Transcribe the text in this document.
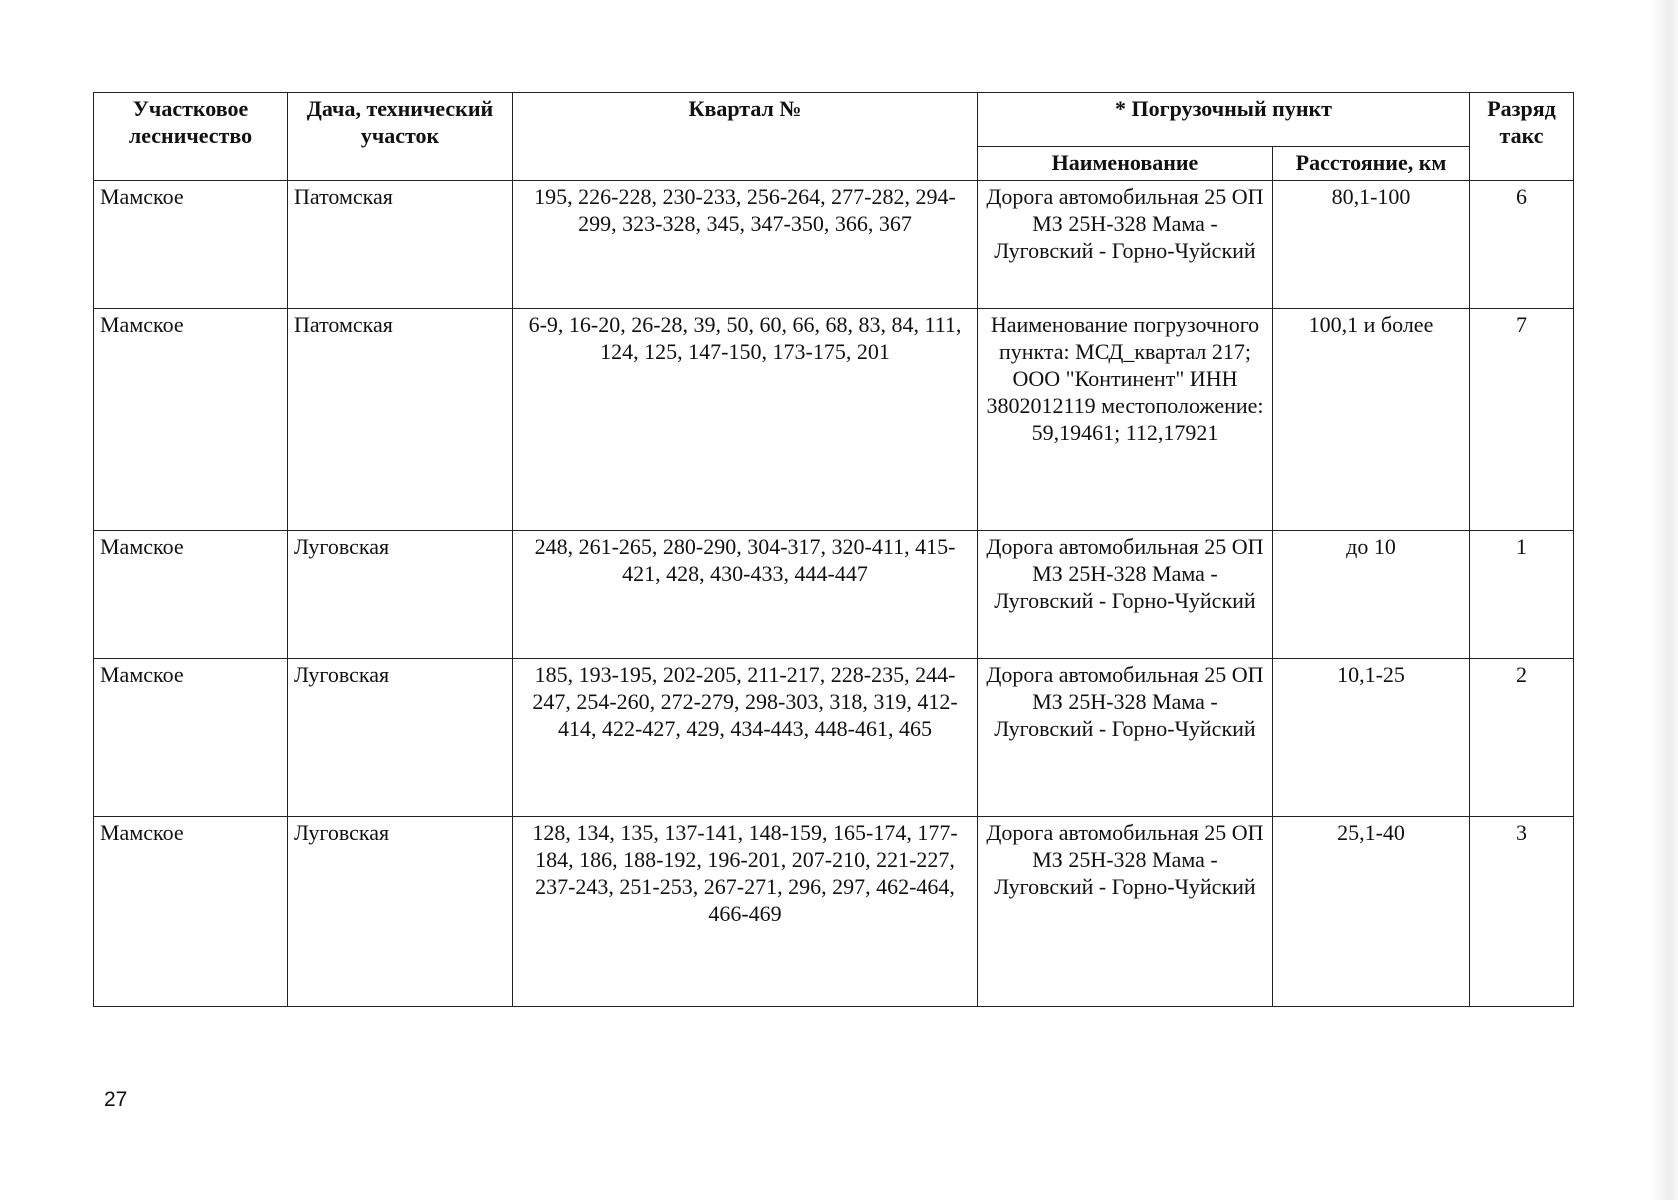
Участковое лесничество	Дача, технический участок	Квартал №	* Погрузочный пункт		Разряд такс
			Наименование	Расстояние, км	
Мамское	Патомская	195, 226-228, 230-233, 256-264, 277-282, 294-299, 323-328, 345, 347-350, 366, 367	Дорога автомобильная 25 ОП МЗ 25Н-328 Мама - Луговский - Горно-Чуйский	80,1-100	6
Мамское	Патомская	6-9, 16-20, 26-28, 39, 50, 60, 66, 68, 83, 84, 111, 124, 125, 147-150, 173-175, 201	Наименование погрузочного пункта: МСД_квартал 217; ООО "Континент" ИНН 3802012119 местоположение: 59,19461; 112,17921	100,1 и более	7
Мамское	Луговская	248, 261-265, 280-290, 304-317, 320-411, 415-421, 428, 430-433, 444-447	Дорога автомобильная 25 ОП МЗ 25Н-328 Мама - Луговский - Горно-Чуйский	до 10	1
Мамское	Луговская	185, 193-195, 202-205, 211-217, 228-235, 244-247, 254-260, 272-279, 298-303, 318, 319, 412-414, 422-427, 429, 434-443, 448-461, 465	Дорога автомобильная 25 ОП МЗ 25Н-328 Мама - Луговский - Горно-Чуйский	10,1-25	2
Мамское	Луговская	128, 134, 135, 137-141, 148-159, 165-174, 177-184, 186, 188-192, 196-201, 207-210, 221-227, 237-243, 251-253, 267-271, 296, 297, 462-464, 466-469	Дорога автомобильная 25 ОП МЗ 25Н-328 Мама - Луговский - Горно-Чуйский	25,1-40	3
27
